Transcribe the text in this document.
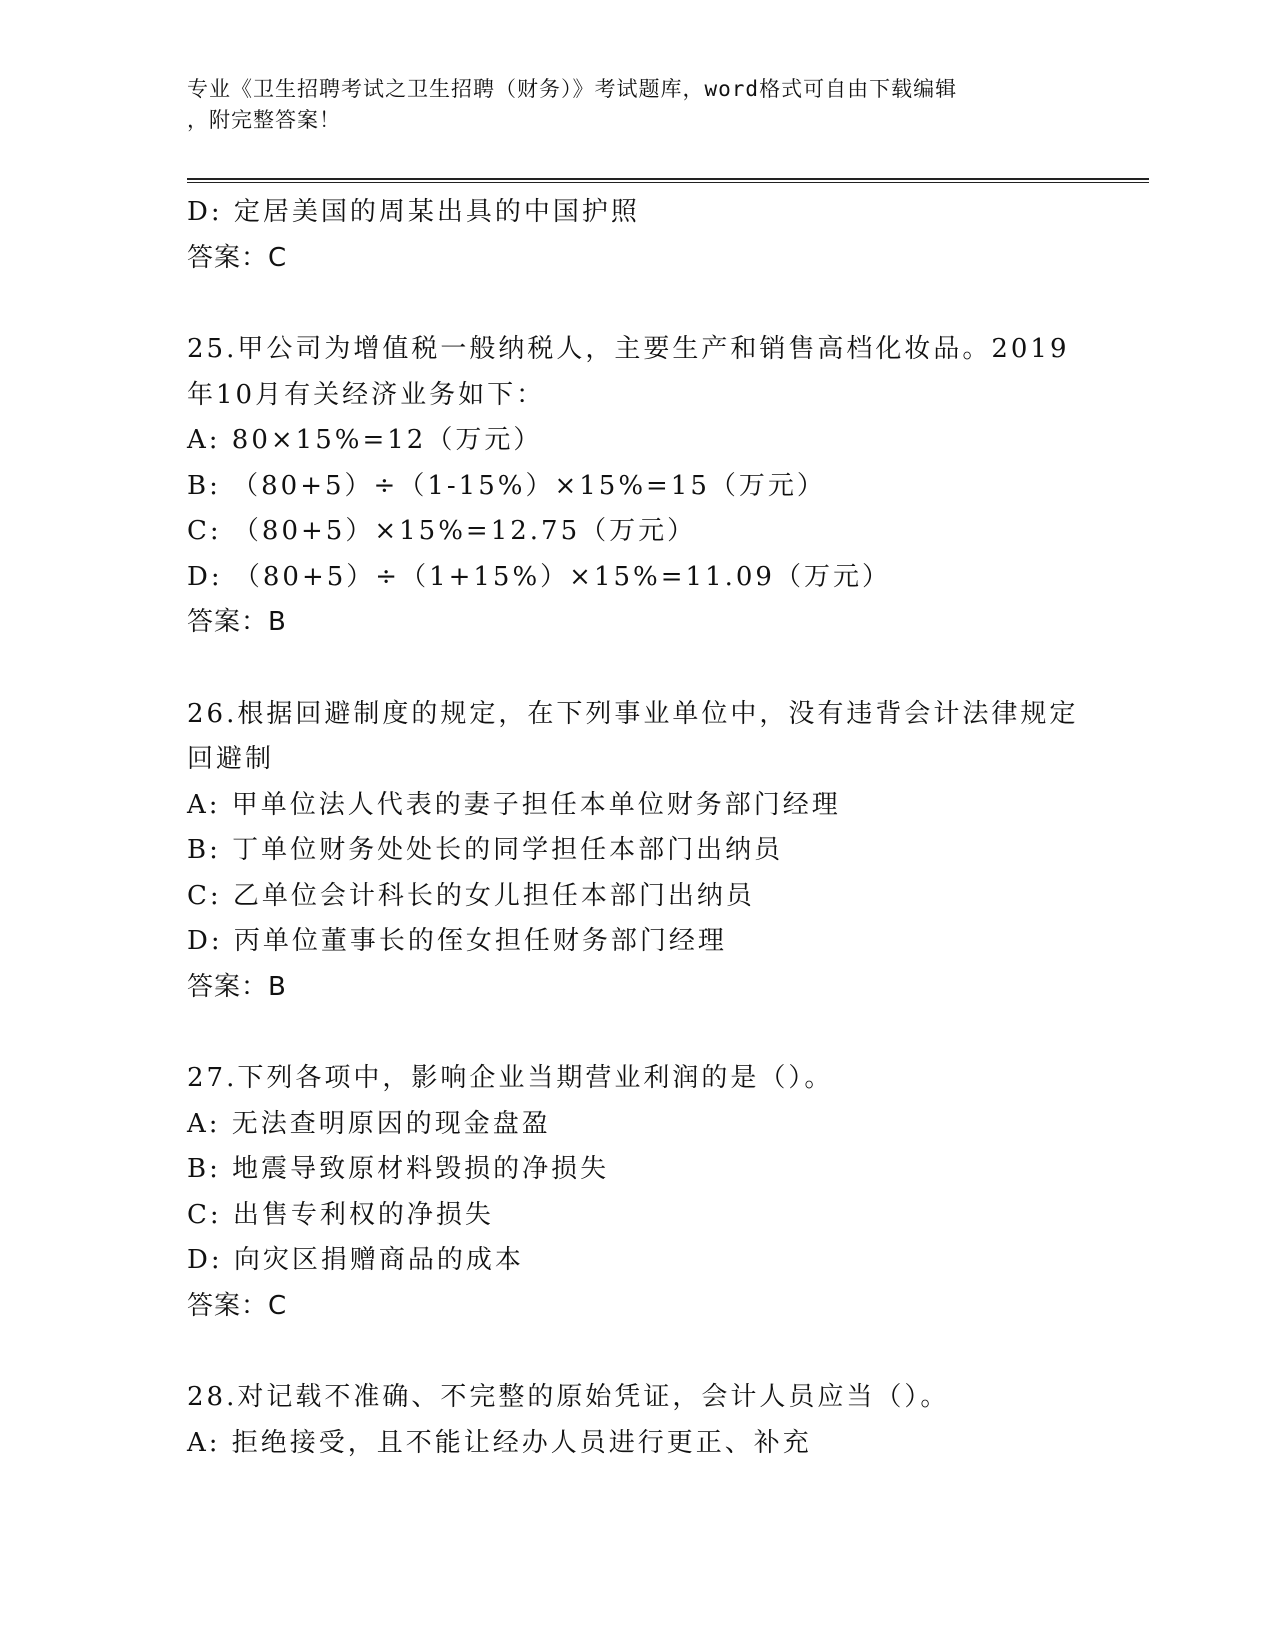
专业《卫生招聘考试之卫生招聘（财务）》考试题库，word格式可自由下载编辑
，附完整答案！
D: 定居美国的周某出具的中国护照
答案：C
25.甲公司为增值税一般纳税人，主要生产和销售高档化妆品。2019
年10月有关经济业务如下：
A: 80×15%=12（万元）
B: （80+5）÷（1-15%）×15%=15（万元）
C: （80+5）×15%=12.75（万元）
D: （80+5）÷（1+15%）×15%=11.09（万元）
答案：B
26.根据回避制度的规定，在下列事业单位中，没有违背会计法律规定
回避制
A: 甲单位法人代表的妻子担任本单位财务部门经理
B: 丁单位财务处处长的同学担任本部门出纳员
C: 乙单位会计科长的女儿担任本部门出纳员
D: 丙单位董事长的侄女担任财务部门经理
答案：B
27.下列各项中，影响企业当期营业利润的是（）。
A: 无法查明原因的现金盘盈
B: 地震导致原材料毁损的净损失
C: 出售专利权的净损失
D: 向灾区捐赠商品的成本
答案：C
28.对记载不准确、不完整的原始凭证，会计人员应当（）。
A: 拒绝接受，且不能让经办人员进行更正、补充
